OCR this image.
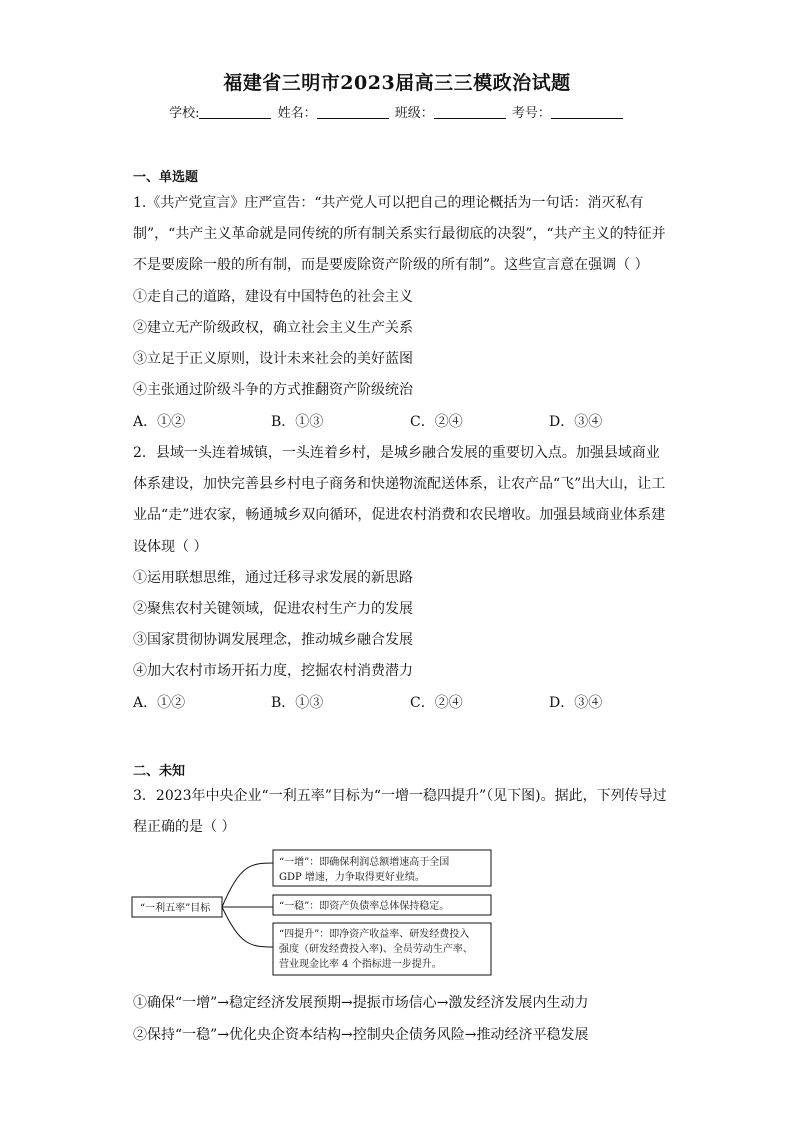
福建省三明市2023届高三三模政治试题
学校:	姓名：	班级：	考号：
一、单选题
1.《共产党宣言》庄严宣告：“共产党人可以把自己的理论概括为一句话：消灭私有
制”，“共产主义革命就是同传统的所有制关系实行最彻底的决裂”，“共产主义的特征并
不是要废除一般的所有制，而是要废除资产阶级的所有制”。这些宣言意在强调（ ）
①走自己的道路，建设有中国特色的社会主义
②建立无产阶级政权，确立社会主义生产关系
③立足于正义原则，设计未来社会的美好蓝图
④主张通过阶级斗争的方式推翻资产阶级统治
A．①②	B．①③	C．②④	D．③④
2．县域一头连着城镇，一头连着乡村，是城乡融合发展的重要切入点。加强县域商业
体系建设，加快完善县乡村电子商务和快递物流配送体系，让农产品“飞”出大山，让工
业品“走”进农家，畅通城乡双向循环，促进农村消费和农民增收。加强县域商业体系建
设体现（ ）
①运用联想思维，通过迁移寻求发展的新思路
②聚焦农村关键领域，促进农村生产力的发展
③国家贯彻协调发展理念，推动城乡融合发展
④加大农村市场开拓力度，挖掘农村消费潜力
A．①②	B．①③	C．②④	D．③④
二、未知
3．2023年中央企业“一利五率”目标为“一增一稳四提升”（见下图)。据此，下列传导过
程正确的是（ ）
“一利五率”目标
“一增”：即确保利润总额增速高于全国
GDP 增速，力争取得更好业绩。
“一稳”：即资产负债率总体保持稳定。
“四提升”：即净资产收益率、研发经费投入
强度（研发经费投入率)、全员劳动生产率、
营业现金比率 4 个指标进一步提升。
①确保“一增”→稳定经济发展预期→提振市场信心→激发经济发展内生动力
②保持“一稳”→优化央企资本结构→控制央企债务风险→推动经济平稳发展
